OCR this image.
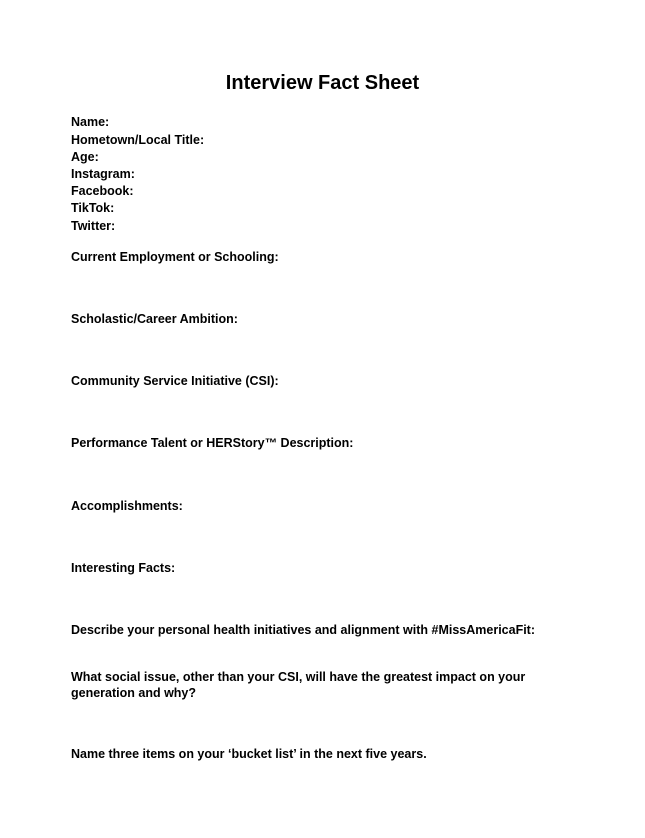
Interview Fact Sheet
Name:
Hometown/Local Title:
Age:
Instagram:
Facebook:
TikTok:
Twitter:
Current Employment or Schooling:
Scholastic/Career Ambition:
Community Service Initiative (CSI):
Performance Talent or HERStory™ Description:
Accomplishments:
Interesting Facts:
Describe your personal health initiatives and alignment with #MissAmericaFit:
What social issue, other than your CSI, will have the greatest impact on your generation and why?
Name three items on your ‘bucket list’ in the next five years.
